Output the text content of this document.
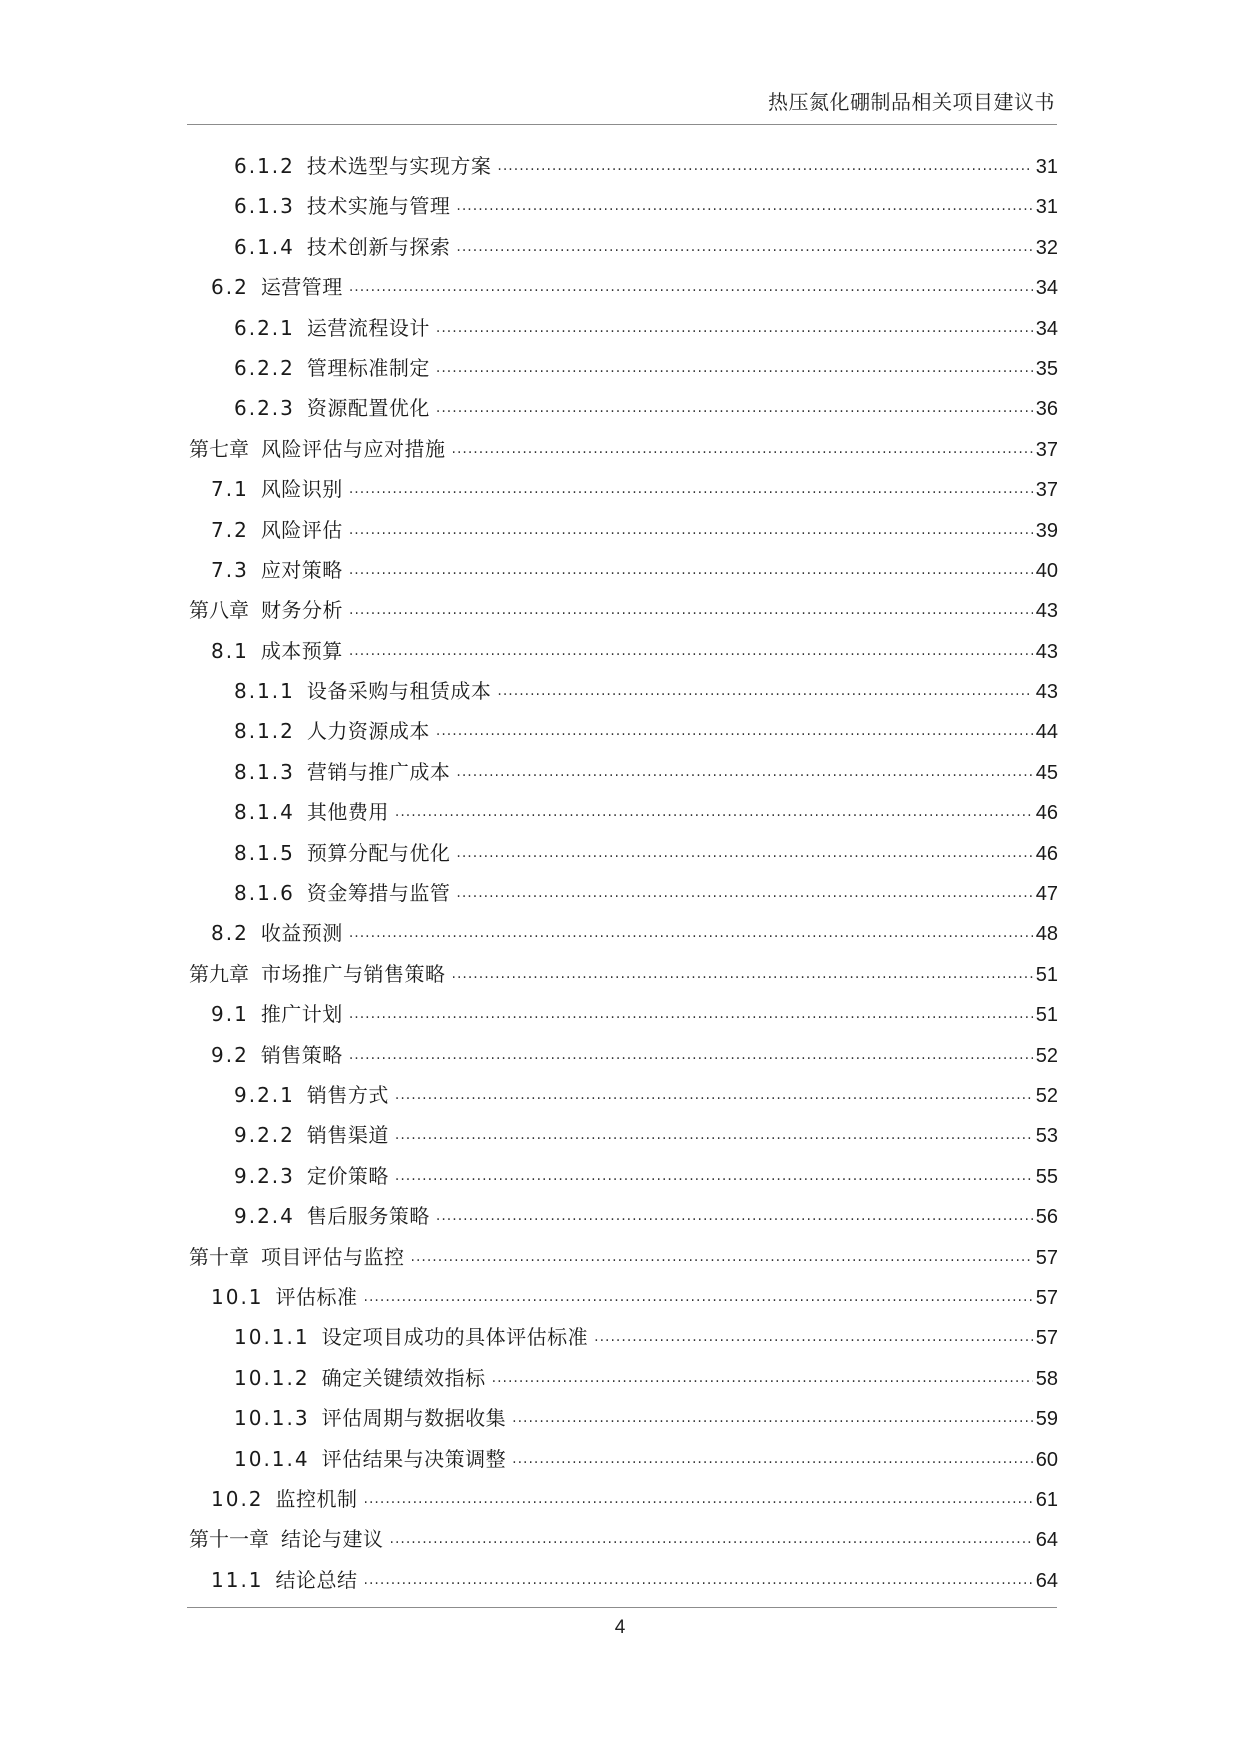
热压氮化硼制品相关项目建议书
6.1.2 技术选型与实现方案 .....	31
6.1.3 技术实施与管理 .....	31
6.1.4 技术创新与探索 .....	32
6.2 运营管理 .....	34
6.2.1 运营流程设计 .....	34
6.2.2 管理标准制定 .....	35
6.2.3 资源配置优化 .....	36
第七章 风险评估与应对措施 .....	37
7.1 风险识别 .....	37
7.2 风险评估 .....	39
7.3 应对策略 .....	40
第八章 财务分析 .....	43
8.1 成本预算 .....	43
8.1.1 设备采购与租赁成本 .....	43
8.1.2 人力资源成本 .....	44
8.1.3 营销与推广成本 .....	45
8.1.4 其他费用 .....	46
8.1.5 预算分配与优化 .....	46
8.1.6 资金筹措与监管 .....	47
8.2 收益预测 .....	48
第九章 市场推广与销售策略 .....	51
9.1 推广计划 .....	51
9.2 销售策略 .....	52
9.2.1 销售方式 .....	52
9.2.2 销售渠道 .....	53
9.2.3 定价策略 .....	55
9.2.4 售后服务策略 .....	56
第十章 项目评估与监控 .....	57
10.1 评估标准 .....	57
10.1.1 设定项目成功的具体评估标准 .....	57
10.1.2 确定关键绩效指标 .....	58
10.1.3 评估周期与数据收集 .....	59
10.1.4 评估结果与决策调整 .....	60
10.2 监控机制 .....	61
第十一章 结论与建议 .....	64
11.1 结论总结 .....	64
4
